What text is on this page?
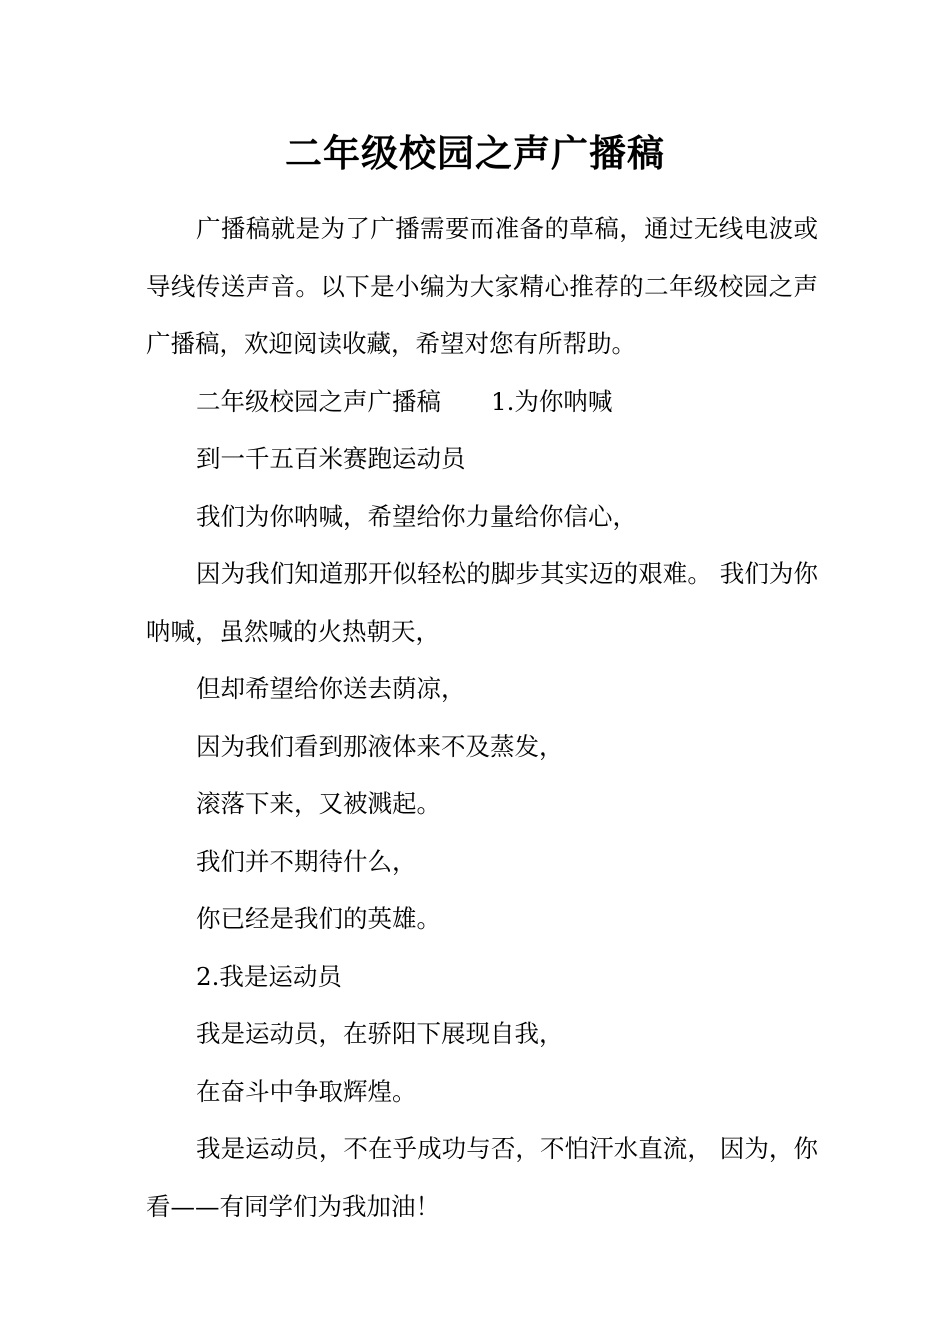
二年级校园之声广播稿

广播稿就是为了广播需要而准备的草稿，通过无线电波或导线传送声音。以下是小编为大家精心推荐的二年级校园之声广播稿，欢迎阅读收藏，希望对您有所帮助。

二年级校园之声广播稿 1.为你呐喊

到一千五百米赛跑运动员

我们为你呐喊，希望给你力量给你信心，

因为我们知道那开似轻松的脚步其实迈的艰难。 我们为你呐喊，虽然喊的火热朝天，

但却希望给你送去荫凉，

因为我们看到那液体来不及蒸发，

滚落下来，又被溅起。

我们并不期待什么，

你已经是我们的英雄。

2.我是运动员

我是运动员，在骄阳下展现自我，

在奋斗中争取辉煌。

我是运动员，不在乎成功与否，不怕汗水直流， 因为，你看——有同学们为我加油！
